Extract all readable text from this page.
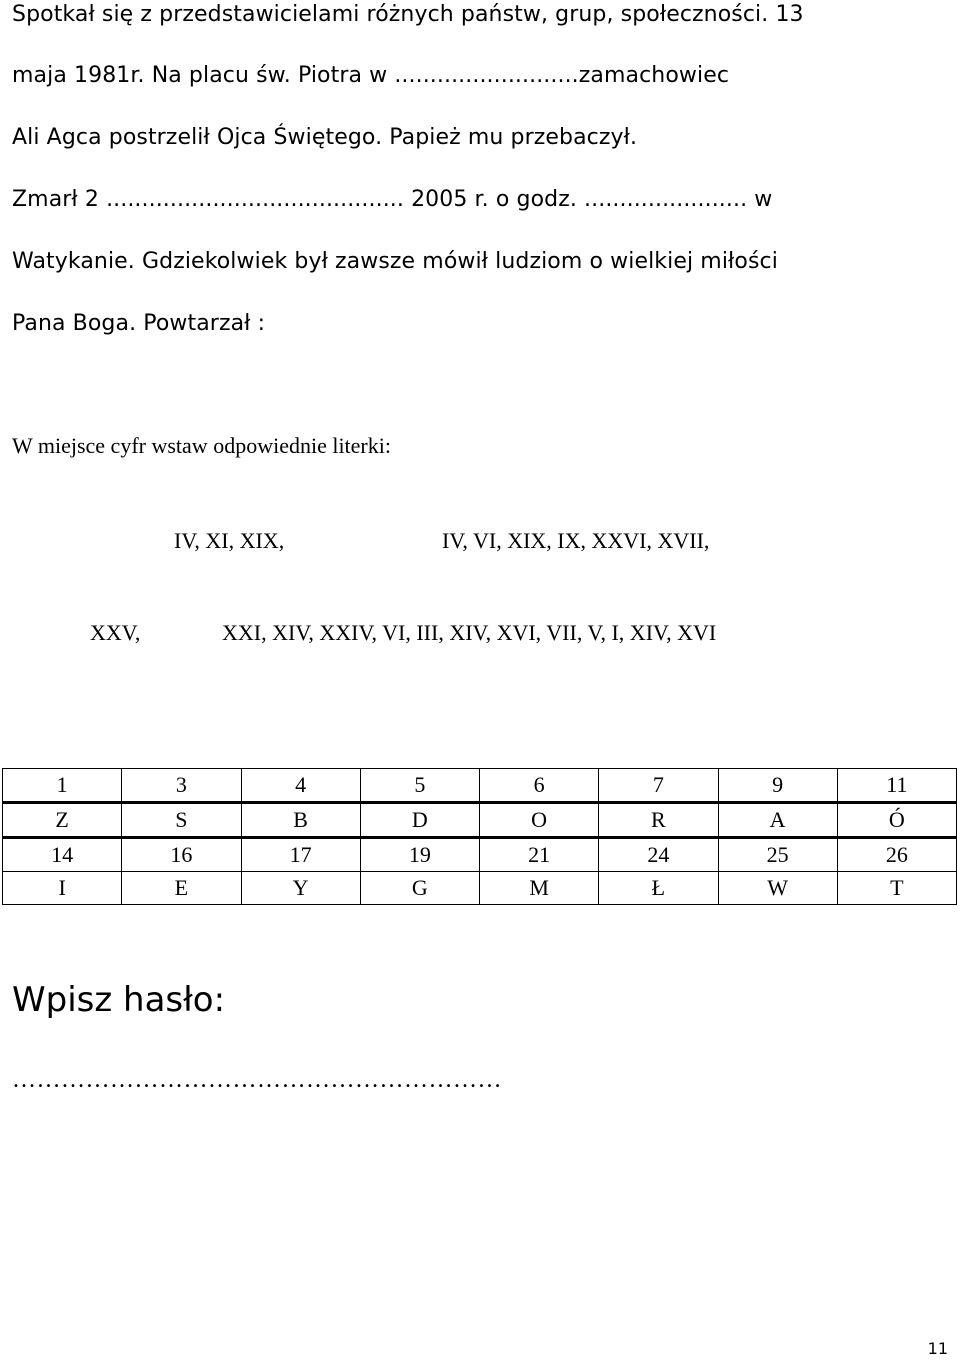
Spotkał się z przedstawicielami różnych państw, grup, społeczności. 13
maja 1981r. Na placu św. Piotra w ..........................zamachowiec
Ali Agca postrzelił Ojca Świętego. Papież mu przebaczył.
Zmarł 2 .......................................... 2005 r. o godz. ....................... w
Watykanie. Gdziekolwiek był zawsze mówił ludziom o wielkiej miłości
Pana Boga. Powtarzał :
W miejsce cyfr wstaw odpowiednie literki:
IV, XI, XIX,	IV, VI, XIX, IX, XXVI, XVII,
XXV,	XXI, XIV, XXIV, VI, III, XIV, XVI, VII, V, I, XIV, XVI
1	3	4	5	6	7	9	11
Z	S	B	D	O	R	A	Ó
14	16	17	19	21	24	25	26
I	E	Y	G	M	Ł	W	T
Wpisz hasło:
……………………………………………………
11
